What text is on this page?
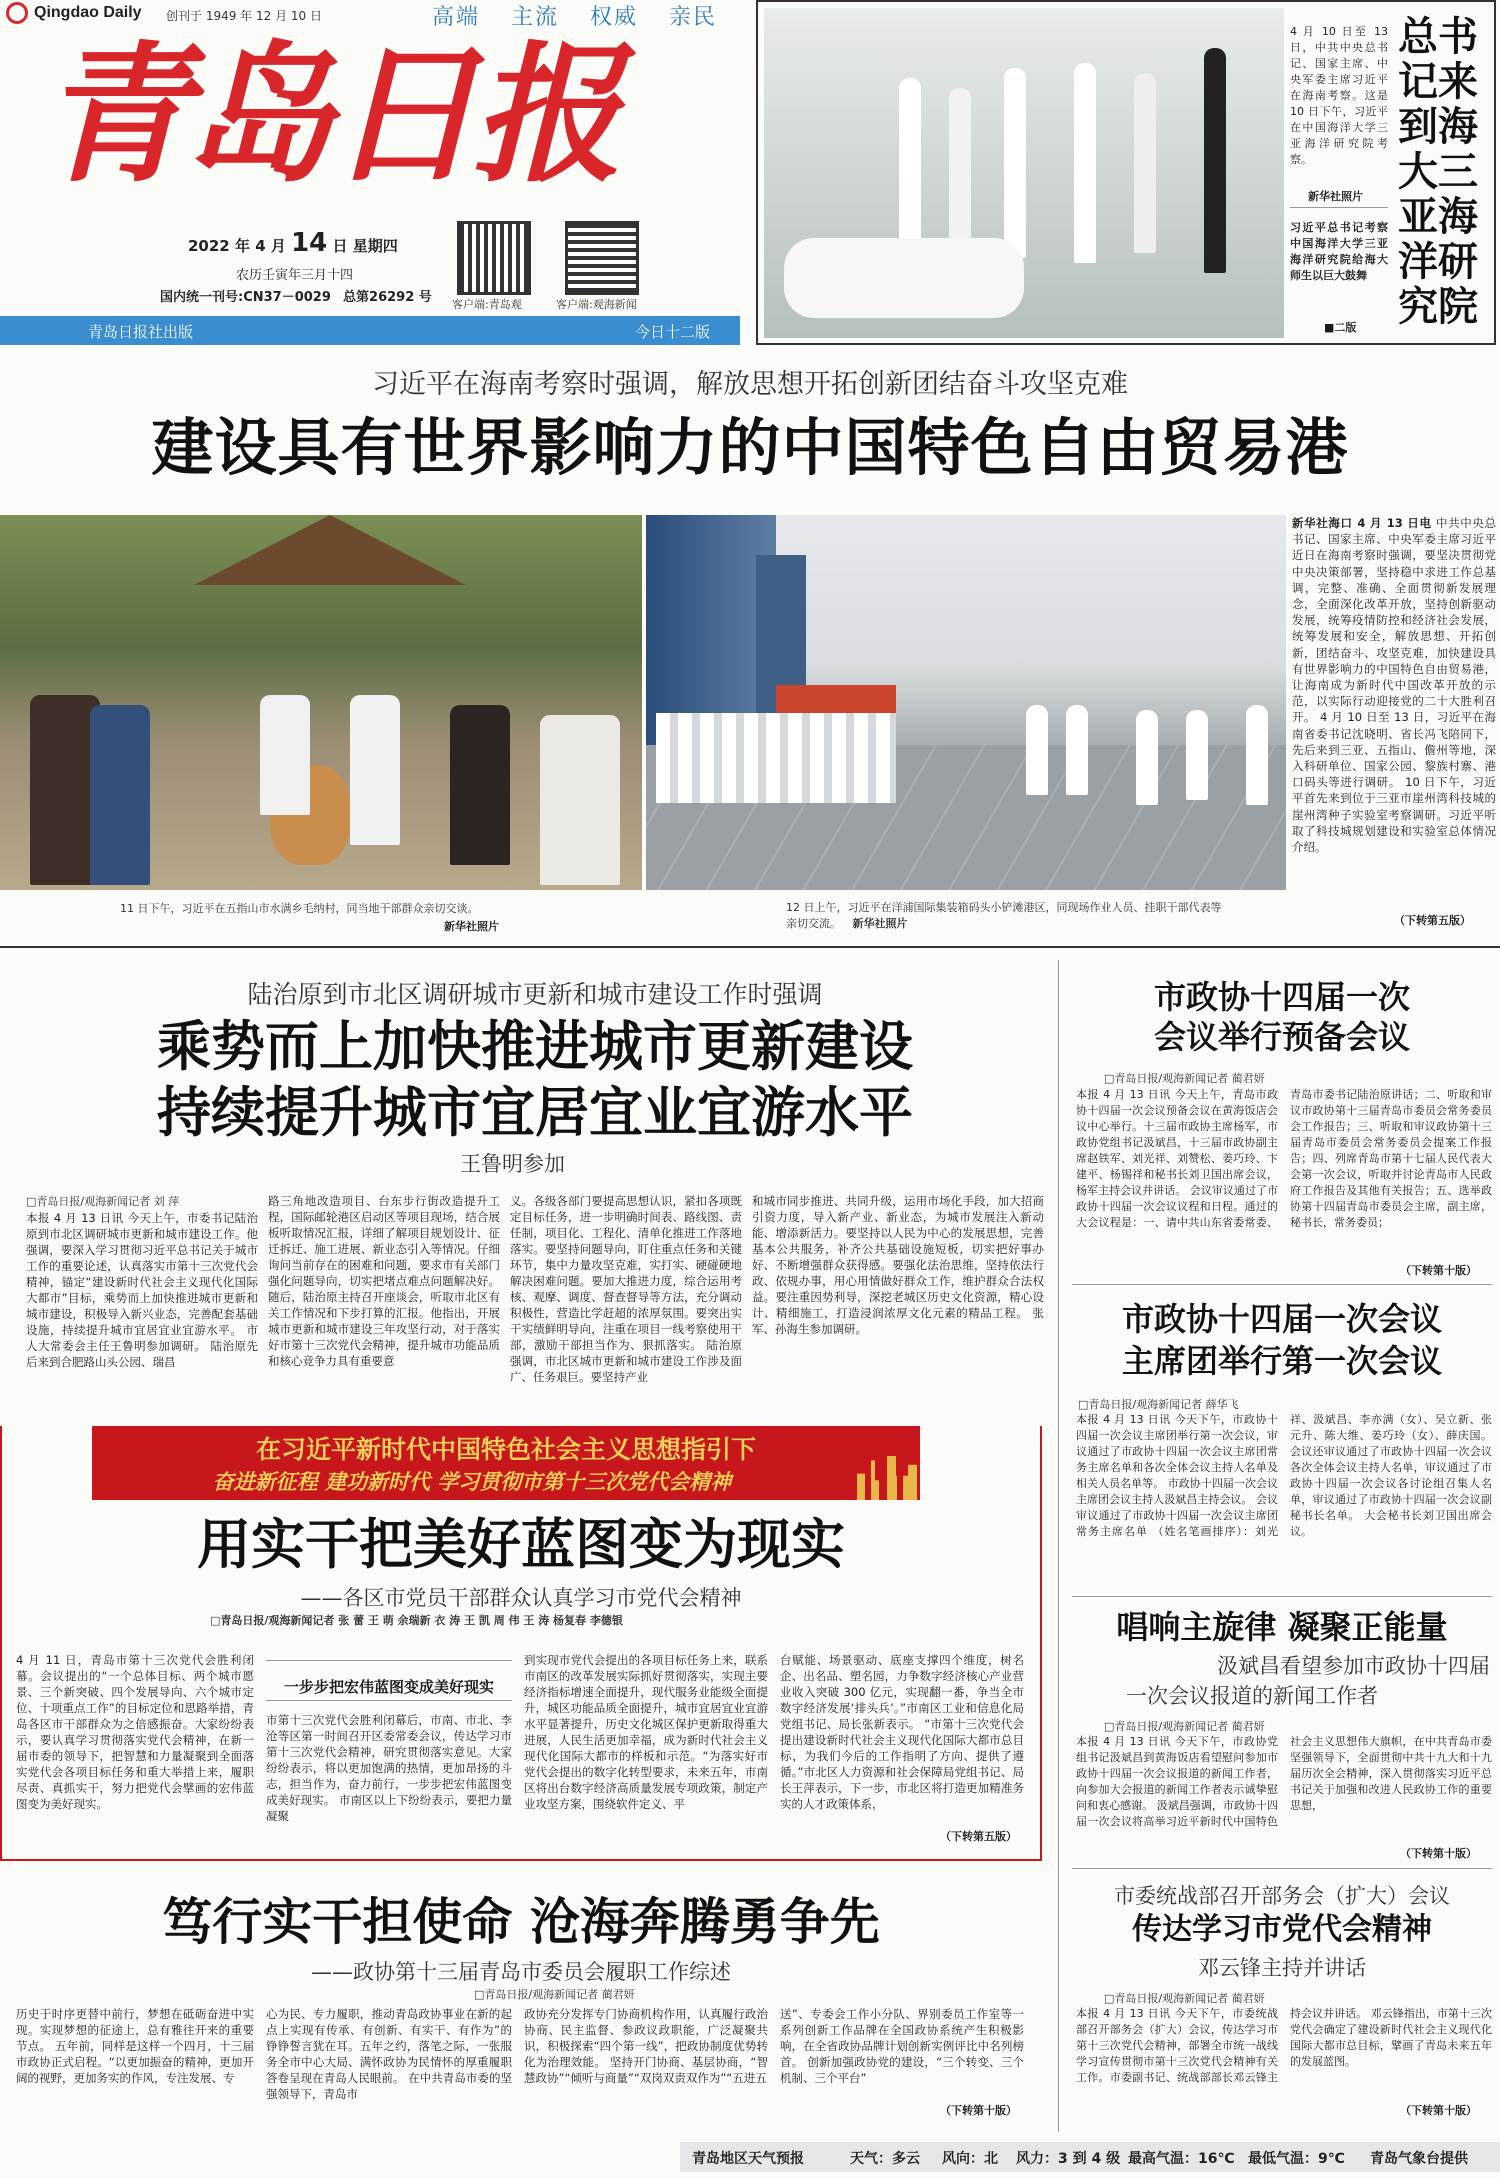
Qingdao Daily 创刊于 1949 年 12 月 10 日	高端 主流 权威 亲民
青岛日报
2022 年 4 月 14 日 星期四
农历壬寅年三月十四
国内统一刊号:CN37－0029 总第26292 号 客户端:青岛观	客户端:观海新闻
青岛日报社出版	今日十二版
4 月 10 日至 13 日，中共中央总书记、国家主席、中央军委主席习近平在海南考察。这是 10 日下午，习近平在中国海洋大学三亚海洋研究院考察。
新华社照片
习近平总书记考察中国海洋大学三亚海洋研究院给海大师生以巨大鼓舞
■二版
总书记来到海大三亚海洋研究院
习近平在海南考察时强调，解放思想开拓创新团结奋斗攻坚克难
建设具有世界影响力的中国特色自由贸易港
11 日下午，习近平在五指山市水满乡毛纳村，同当地干部群众亲切交谈。
新华社照片
12 日上午，习近平在洋浦国际集装箱码头小铲滩港区，同现场作业人员、挂职干部代表等亲切交流。 新华社照片
新华社海口 4 月 13 日电 中共中央总书记、国家主席、中央军委主席习近平近日在海南考察时强调，要坚决贯彻党中央决策部署，坚持稳中求进工作总基调，完整、准确、全面贯彻新发展理念，全面深化改革开放，坚持创新驱动发展，统筹疫情防控和经济社会发展，统筹发展和安全，解放思想、开拓创新，团结奋斗、攻坚克难，加快建设具有世界影响力的中国特色自由贸易港，让海南成为新时代中国改革开放的示范，以实际行动迎接党的二十大胜利召开。 4 月 10 日至 13 日，习近平在海南省委书记沈晓明、省长冯飞陪同下，先后来到三亚、五指山、儋州等地，深入科研单位、国家公园、黎族村寨、港口码头等进行调研。 10 日下午，习近平首先来到位于三亚市崖州湾科技城的崖州湾种子实验室考察调研。习近平听取了科技城规划建设和实验室总体情况介绍。
（下转第五版）
陆治原到市北区调研城市更新和城市建设工作时强调
乘势而上加快推进城市更新建设
持续提升城市宜居宜业宜游水平
王鲁明参加
□青岛日报/观海新闻记者 刘 萍
本报 4 月 13 日讯 今天上午，市委书记陆治原到市北区调研城市更新和城市建设工作。他强调，要深入学习贯彻习近平总书记关于城市工作的重要论述，认真落实市第十三次党代会精神，锚定“建设新时代社会主义现代化国际大都市”目标，乘势而上加快推进城市更新和城市建设，积极导入新兴业态，完善配套基础设施，持续提升城市宜居宜业宜游水平。 市人大常委会主任王鲁明参加调研。 陆治原先后来到合肥路山头公园、瑞昌
路三角地改造项目、台东步行街改造提升工程，国际邮轮港区启动区等项目现场，结合展板听取情况汇报，详细了解项目规划设计、征迁拆迁、施工进展、新业态引入等情况。仔细询问当前存在的困难和问题，要求市有关部门强化问题导向，切实把堵点难点问题解决好。 随后，陆治原主持召开座谈会，听取市北区有关工作情况和下步打算的汇报。他指出，开展城市更新和城市建设三年攻坚行动，对于落实好市第十三次党代会精神，提升城市功能品质和核心竞争力具有重要意
义。各级各部门要提高思想认识，紧扣各项既定目标任务，进一步明确时间表、路线图、责任制，项目化、工程化、清单化推进工作落地落实。要坚持问题导向，盯住重点任务和关键环节，集中力量攻坚克难，实打实、硬碰硬地解决困难问题。要加大推进力度，综合运用考核、观摩、调度、督查督导等方法，充分调动积极性，营造比学赶超的浓厚氛围。要突出实干实绩鲜明导向，注重在项目一线考察使用干部，激励干部担当作为、狠抓落实。 陆治原强调，市北区城市更新和城市建设工作涉及面广、任务艰巨。要坚持产业
和城市同步推进、共同升级，运用市场化手段，加大招商引资力度，导入新产业、新业态，为城市发展注入新动能、增添新活力。要坚持以人民为中心的发展思想，完善基本公共服务，补齐公共基础设施短板，切实把好事办好、不断增强群众获得感。要强化法治思维，坚持依法行政、依规办事，用心用情做好群众工作，维护群众合法权益。要注重因势利导，深挖老城区历史文化资源，精心设计、精细施工，打造浸润浓厚文化元素的精品工程。 张军、孙海生参加调研。
在习近平新时代中国特色社会主义思想指引下
奋进新征程 建功新时代 学习贯彻市第十三次党代会精神
用实干把美好蓝图变为现实
——各区市党员干部群众认真学习市党代会精神
□青岛日报/观海新闻记者 张 蕾 王 萌 余瑞新 衣 涛 王 凯 周 伟 王 涛 杨复春 李德银
4 月 11 日，青岛市第十三次党代会胜利闭幕。会议提出的“一个总体目标、两个城市愿景、三个新突破、四个发展导向、六个城市定位、十项重点工作”的目标定位和思路举措，青岛各区市干部群众为之倍感振奋。大家纷纷表示，要认真学习贯彻落实党代会精神，在新一届市委的领导下，把智慧和力量凝聚到全面落实党代会各项目标任务和重大举措上来，履职尽责、真抓实干，努力把党代会擘画的宏伟蓝图变为美好现实。
一步步把宏伟蓝图变成美好现实
市第十三次党代会胜利闭幕后，市南、市北、李沧等区第一时间召开区委常委会议，传达学习市第十三次党代会精神，研究贯彻落实意见。大家纷纷表示，将以更加饱满的热情，更加昂扬的斗志，担当作为，奋力前行，一步步把宏伟蓝图变成美好现实。 市南区以上下纷纷表示，要把力量凝聚
到实现市党代会提出的各项目标任务上来，联系市南区的改革发展实际抓好贯彻落实，实现主要经济指标增速全面提升，现代服务业能级全面提升，城区功能品质全面提升，城市宜居宜业宜游水平显著提升，历史文化城区保护更新取得重大进展，人民生活更加幸福，成为新时代社会主义现代化国际大都市的样板和示范。“为落实好市党代会提出的数字化转型要求，未来五年，市南区将出台数字经济高质量发展专项政策，制定产业攻坚方案，围绕软件定义、平
台赋能、场景驱动、底座支撑四个维度，树名企、出名品、塑名园，力争数字经济核心产业营业收入突破 300 亿元，实现翻一番，争当全市数字经济发展‘排头兵’。”市南区工业和信息化局党组书记、局长张新表示。 “市第十三次党代会提出建设新时代社会主义现代化国际大都市总目标，为我们今后的工作指明了方向、提供了遵循。”市北区人力资源和社会保障局党组书记、局长王萍表示，下一步，市北区将打造更加精准务实的人才政策体系，
（下转第五版）
笃行实干担使命 沧海奔腾勇争先
——政协第十三届青岛市委员会履职工作综述
□青岛日报/观海新闻记者 蔺君妍
历史于时序更替中前行，梦想在砥砺奋进中实现。实现梦想的征途上，总有雅往开来的重要节点。 五年前，同样是这样一个四月，十三届市政协正式启程。“以更加振奋的精神，更加开阔的视野，更加务实的作风，专注发展、专
心为民、专力履职，推动青岛政协事业在新的起点上实现有传承、有创新、有实干、有作为”的铮铮誓言犹在耳。五年之约，落笔之际，一张服务全市中心大局、满怀政协为民情怀的厚重履职答卷呈现在青岛人民眼前。 在中共青岛市委的坚强领导下，青岛市
政协充分发挥专门协商机构作用，认真履行政治协商、民主监督、参政议政职能，广泛凝聚共识，积极探索“四个第一线”，把政协制度优势转化为治理效能。 坚持开门协商、基层协商，“智慧政协”“倾听与商量”“双岗双责双作为”“五进五
送”、专委会工作小分队、界别委员工作室等一系列创新工作品牌在全国政协系统产生积极影响，在全省政协品牌计划创新实例评比中名列榜首。 创新加强政协党的建设，“三个转变、三个机制、三个平台”
（下转第十版）
市政协十四届一次
会议举行预备会议
□青岛日报/观海新闻记者 蔺君妍
本报 4 月 13 日讯 今天上午，青岛市政协十四届一次会议预备会议在黄海饭店会议中心举行。十三届市政协主席杨军，市政协党组书记汲斌昌，十三届市政协副主席赵铁军、刘光祥、刘赞松、姜巧玲、卞建平、杨锡祥和秘书长刘卫国出席会议，杨军主持会议并讲话。 会议审议通过了市政协十四届一次会议议程和日程。通过的大会议程是：一、请中共山东省委常委、青岛市委书记陆治原讲话；二、听取和审议市政协第十三届青岛市委员会常务委员会工作报告；三、听取和审议政协第十三届青岛市委员会常务委员会提案工作报告；四、列席青岛市第十七届人民代表大会第一次会议，听取并讨论青岛市人民政府工作报告及其他有关报告；五、选举政协第十四届青岛市委员会主席，副主席，秘书长，常务委员；
（下转第十版）
市政协十四届一次会议
主席团举行第一次会议
□青岛日报/观海新闻记者 薛华飞
本报 4 月 13 日讯 今天下午，市政协十四届一次会议主席团举行第一次会议，审议通过了市政协十四届一次会议主席团常务主席名单和各次全体会议主持人名单及相关人员名单等。 市政协十四届一次会议主席团会议主持人汲斌昌主持会议。 会议审议通过了市政协十四届一次会议主席团常务主席名单 （姓名笔画排序）：刘光祥、汲斌昌、李亦满（女）、吴立新、张元升、陈大维、姜巧玲（女）、薛庆国。 会议还审议通过了市政协十四届一次会议各次全体会议主持人名单，审议通过了市政协十四届一次会议各讨论组召集人名单，审议通过了市政协十四届一次会议副秘书长名单。 大会秘书长刘卫国出席会议。
唱响主旋律 凝聚正能量
汲斌昌看望参加市政协十四届
一次会议报道的新闻工作者
□青岛日报/观海新闻记者 蔺君妍
本报 4 月 13 日讯 今天下午，市政协党组书记汲斌昌到黄海饭店看望慰问参加市政协十四届一次会议报道的新闻工作者，向参加大会报道的新闻工作者表示诚挚慰问和衷心感谢。 汲斌昌强调，市政协十四届一次会议将高举习近平新时代中国特色社会主义思想伟大旗帜，在中共青岛市委坚强领导下，全面贯彻中共十九大和十九届历次全会精神，深入贯彻落实习近平总书记关于加强和改进人民政协工作的重要思想，
（下转第十版）
市委统战部召开部务会（扩大）会议
传达学习市党代会精神
邓云锋主持并讲话
□青岛日报/观海新闻记者 蔺君妍
本报 4 月 13 日讯 今天下午，市委统战部召开部务会（扩大）会议，传达学习市第十三次党代会精神，部署全市统一战线学习宣传贯彻市第十三次党代会精神有关工作。市委副书记、统战部部长邓云锋主持会议并讲话。 邓云锋指出，市第十三次党代会确定了建设新时代社会主义现代化国际大都市总目标，擘画了青岛未来五年的发展蓝图。
（下转第十版）
青岛地区天气预报	天气：多云 风向：北 风力：3 到 4 级 最高气温：16℃ 最低气温：9℃ 青岛气象台提供
